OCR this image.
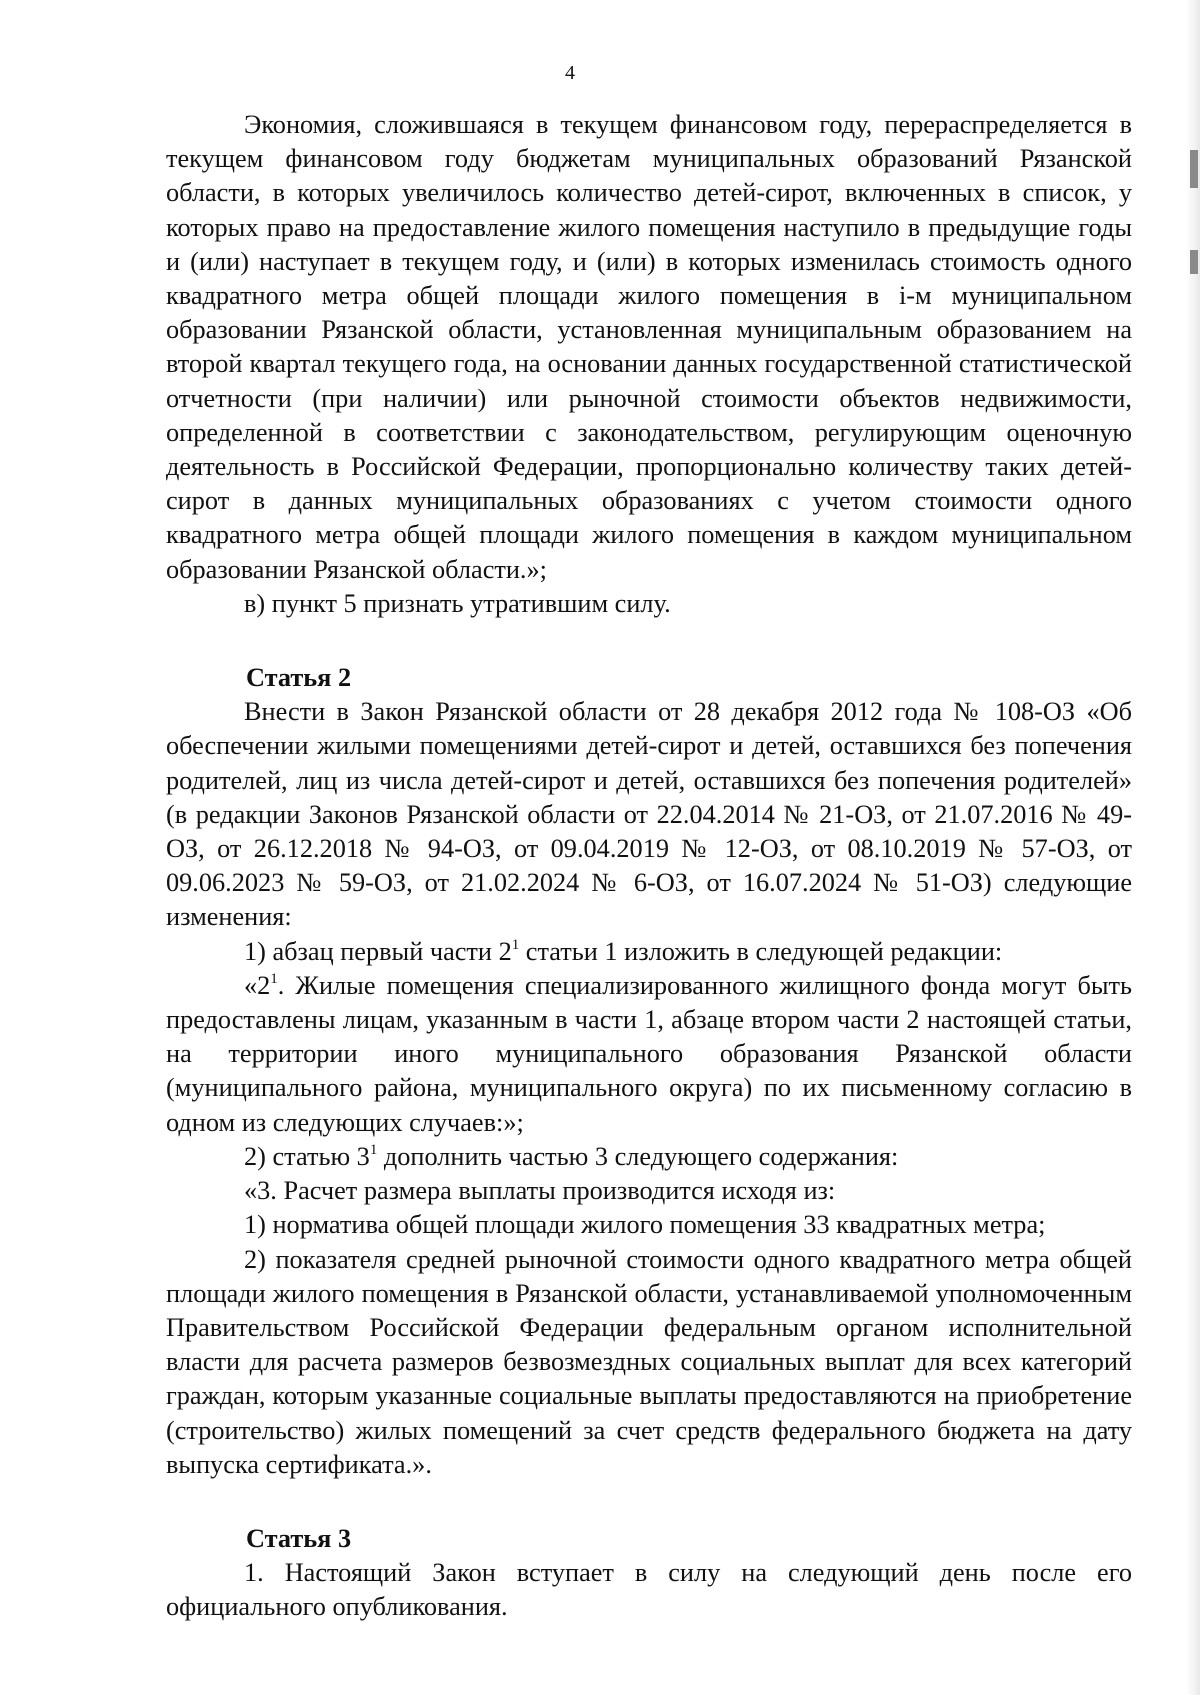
4

Экономия, сложившаяся в текущем финансовом году, перераспределяется в текущем финансовом году бюджетам муниципальных образований Рязанской области, в которых увеличилось количество детей-сирот, включенных в список, у которых право на предоставление жилого помещения наступило в предыдущие годы и (или) наступает в текущем году, и (или) в которых изменилась стоимость одного квадратного метра общей площади жилого помещения в i-м муниципальном образовании Рязанской области, установленная муниципальным образованием на второй квартал текущего года, на основании данных государственной статистической отчетности (при наличии) или рыночной стоимости объектов недвижимости, определенной в соответствии с законодательством, регулирующим оценочную деятельность в Российской Федерации, пропорционально количеству таких детей-сирот в данных муниципальных образованиях с учетом стоимости одного квадратного метра общей площади жилого помещения в каждом муниципальном образовании Рязанской области.»;

в) пункт 5 признать утратившим силу.

Статья 2

Внести в Закон Рязанской области от 28 декабря 2012 года № 108-ОЗ «Об обеспечении жилыми помещениями детей-сирот и детей, оставшихся без попечения родителей, лиц из числа детей-сирот и детей, оставшихся без попечения родителей» (в редакции Законов Рязанской области от 22.04.2014 № 21-ОЗ, от 21.07.2016 № 49-ОЗ, от 26.12.2018 № 94-ОЗ, от 09.04.2019 № 12-ОЗ, от 08.10.2019 № 57-ОЗ, от 09.06.2023 № 59-ОЗ, от 21.02.2024 № 6-ОЗ, от 16.07.2024 № 51-ОЗ) следующие изменения:

1) абзац первый части $2^1$ статьи 1 изложить в следующей редакции:

«$2^1$. Жилые помещения специализированного жилищного фонда могут быть предоставлены лицам, указанным в части 1, абзаце втором части 2 настоящей статьи, на территории иного муниципального образования Рязанской области (муниципального района, муниципального округа) по их письменному согласию в одном из следующих случаев:»;

2) статью $3^1$ дополнить частью 3 следующего содержания:

«3. Расчет размера выплаты производится исходя из:

1) норматива общей площади жилого помещения 33 квадратных метра;

2) показателя средней рыночной стоимости одного квадратного метра общей площади жилого помещения в Рязанской области, устанавливаемой уполномоченным Правительством Российской Федерации федеральным органом исполнительной власти для расчета размеров безвозмездных социальных выплат для всех категорий граждан, которым указанные социальные выплаты предоставляются на приобретение (строительство) жилых помещений за счет средств федерального бюджета на дату выпуска сертификата.».

Статья 3

1. Настоящий Закон вступает в силу на следующий день после его официального опубликования.
